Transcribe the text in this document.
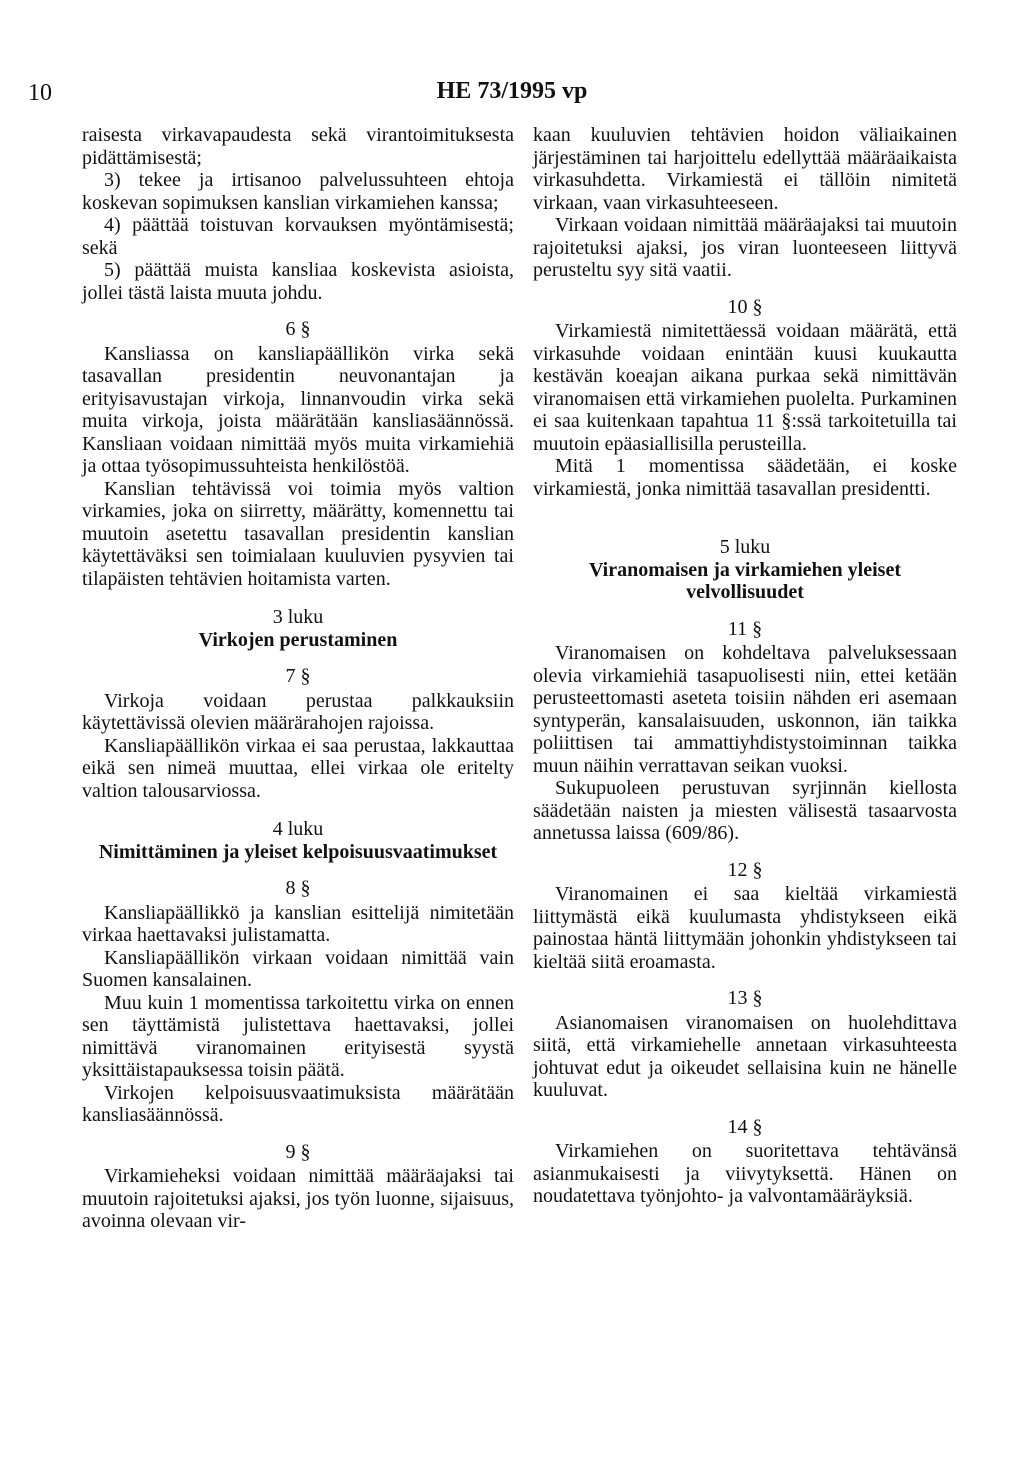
10	HE 73/1995 vp

raisesta virkavapaudesta sekä virantoimituksesta pidättämisestä;

3) tekee ja irtisanoo palvelussuhteen ehtoja koskevan sopimuksen kanslian virkamiehen kanssa;

4) päättää toistuvan korvauksen myöntämisestä; sekä

5) päättää muista kansliaa koskevista asioista, jollei tästä laista muuta johdu.

6 §

Kansliassa on kansliapäällikön virka sekä tasavallan presidentin neuvonantajan ja erityisavustajan virkoja, linnanvoudin virka sekä muita virkoja, joista määrätään kansliasäännössä. Kansliaan voidaan nimittää myös muita virkamiehiä ja ottaa työsopimussuhteista henkilöstöä.

Kanslian tehtävissä voi toimia myös valtion virkamies, joka on siirretty, määrätty, komennettu tai muutoin asetettu tasavallan presidentin kanslian käytettäväksi sen toimialaan kuuluvien pysyvien tai tilapäisten tehtävien hoitamista varten.

3 luku
Virkojen perustaminen
7 §

Virkoja voidaan perustaa palkkauksiin käytettävissä olevien määrärahojen rajoissa.

Kansliapäällikön virkaa ei saa perustaa, lakkauttaa eikä sen nimeä muuttaa, ellei virkaa ole eritelty valtion talousarviossa.

4 luku
Nimittäminen ja yleiset kelpoisuusvaatimukset
8 §

Kansliapäällikkö ja kanslian esittelijä nimitetään virkaa haettavaksi julistamatta.

Kansliapäällikön virkaan voidaan nimittää vain Suomen kansalainen.

Muu kuin 1 momentissa tarkoitettu virka on ennen sen täyttämistä julistettava haettavaksi, jollei nimittävä viranomainen erityisestä syystä yksittäistapauksessa toisin päätä.

Virkojen kelpoisuusvaatimuksista määrätään kansliasäännössä.

9 §

Virkamieheksi voidaan nimittää määräajaksi tai muutoin rajoitetuksi ajaksi, jos työn luonne, sijaisuus, avoinna olevaan vir-

kaan kuuluvien tehtävien hoidon väliaikainen järjestäminen tai harjoittelu edellyttää määräaikaista virkasuhdetta. Virkamiestä ei tällöin nimitetä virkaan, vaan virkasuhteeseen.

Virkaan voidaan nimittää määräajaksi tai muutoin rajoitetuksi ajaksi, jos viran luonteeseen liittyvä perusteltu syy sitä vaatii.

10 §

Virkamiestä nimitettäessä voidaan määrätä, että virkasuhde voidaan enintään kuusi kuukautta kestävän koeajan aikana purkaa sekä nimittävän viranomaisen että virkamiehen puolelta. Purkaminen ei saa kuitenkaan tapahtua 11 §:ssä tarkoitetuilla tai muutoin epäasiallisilla perusteilla.

Mitä 1 momentissa säädetään, ei koske virkamiestä, jonka nimittää tasavallan presidentti.

5 luku
Viranomaisen ja virkamiehen yleiset velvollisuudet
11 §

Viranomaisen on kohdeltava palveluksessaan olevia virkamiehiä tasapuolisesti niin, ettei ketään perusteettomasti aseteta toisiin nähden eri asemaan syntyperän, kansalaisuuden, uskonnon, iän taikka poliittisen tai ammattiyhdistystoiminnan taikka muun näihin verrattavan seikan vuoksi.

Sukupuoleen perustuvan syrjinnän kiellosta säädetään naisten ja miesten välisestä tasaarvosta annetussa laissa (609/86).

12 §

Viranomainen ei saa kieltää virkamiestä liittymästä eikä kuulumasta yhdistykseen eikä painostaa häntä liittymään johonkin yhdistykseen tai kieltää siitä eroamasta.

13 §

Asianomaisen viranomaisen on huolehdittava siitä, että virkamiehelle annetaan virkasuhteesta johtuvat edut ja oikeudet sellaisina kuin ne hänelle kuuluvat.

14 §

Virkamiehen on suoritettava tehtävänsä asianmukaisesti ja viivytyksettä. Hänen on noudatettava työnjohto- ja valvontamääräyksiä.
